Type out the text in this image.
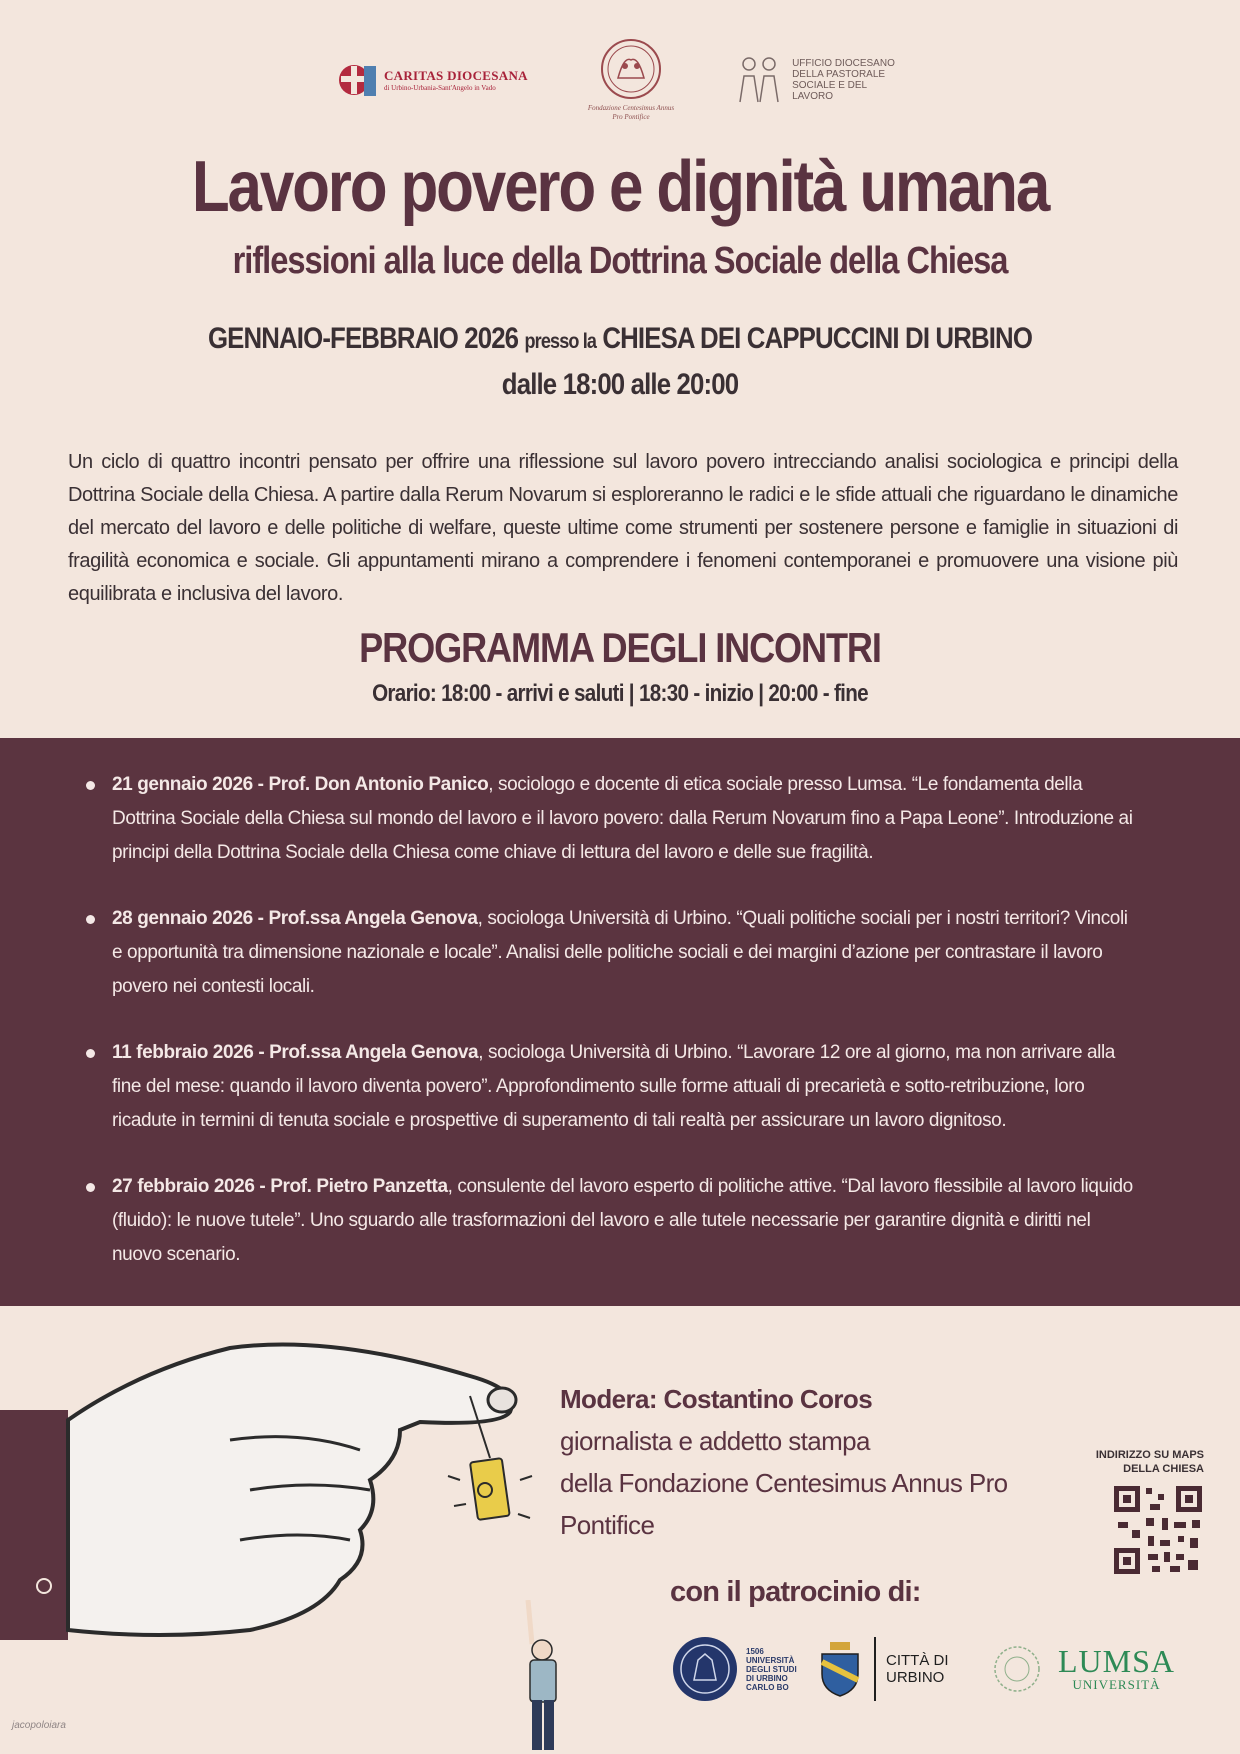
CARITAS DIOCESANA
di Urbino-Urbania-Sant'Angelo in Vado
Fondazione Centesimus Annus
Pro Pontifice
UFFICIO DIOCESANO DELLA PASTORALE SOCIALE E DEL LAVORO
Lavoro povero e dignità umana
riflessioni alla luce della Dottrina Sociale della Chiesa
GENNAIO-FEBBRAIO 2026 presso la CHIESA DEI CAPPUCCINI DI URBINO
dalle 18:00 alle 20:00

Un ciclo di quattro incontri pensato per offrire una riflessione sul lavoro povero intrecciando analisi sociologica e principi della Dottrina Sociale della Chiesa. A partire dalla Rerum Novarum si esploreranno le radici e le sfide attuali che riguardano le dinamiche del mercato del lavoro e delle politiche di welfare, queste ultime come strumenti per sostenere persone e famiglie in situazioni di fragilità economica e sociale. Gli appuntamenti mirano a comprendere i fenomeni contemporanei e promuovere una visione più equilibrata e inclusiva del lavoro.

PROGRAMMA DEGLI INCONTRI
Orario: 18:00 - arrivi e saluti | 18:30 - inizio | 20:00 - fine
21 gennaio 2026 - Prof. Don Antonio Panico, sociologo e docente di etica sociale presso Lumsa. “Le fondamenta della Dottrina Sociale della Chiesa sul mondo del lavoro e il lavoro povero: dalla Rerum Novarum fino a Papa Leone”. Introduzione ai principi della Dottrina Sociale della Chiesa come chiave di lettura del lavoro e delle sue fragilità.
28 gennaio 2026 - Prof.ssa Angela Genova, sociologa Università di Urbino. “Quali politiche sociali per i nostri territori? Vincoli e opportunità tra dimensione nazionale e locale”. Analisi delle politiche sociali e dei margini d’azione per contrastare il lavoro povero nei contesti locali.
11 febbraio 2026 - Prof.ssa Angela Genova, sociologa Università di Urbino. “Lavorare 12 ore al giorno, ma non arrivare alla fine del mese: quando il lavoro diventa povero”. Approfondimento sulle forme attuali di precarietà e sotto-retribuzione, loro ricadute in termini di tenuta sociale e prospettive di superamento di tali realtà per assicurare un lavoro dignitoso.
27 febbraio 2026 - Prof. Pietro Panzetta, consulente del lavoro esperto di politiche attive. “Dal lavoro flessibile al lavoro liquido (fluido): le nuove tutele”. Uno sguardo alle trasformazioni del lavoro e alle tutele necessarie per garantire dignità e diritti nel nuovo scenario.
Modera: Costantino Coros
giornalista e addetto stampa
della Fondazione Centesimus Annus Pro Pontifice
INDIRIZZO SU MAPS
DELLA CHIESA
con il patrocinio di:
1506 UNIVERSITÀ DEGLI STUDI DI URBINO CARLO BO
CITTÀ DI URBINO	LUMSA
UNIVERSITÀ
jacopoloiara
